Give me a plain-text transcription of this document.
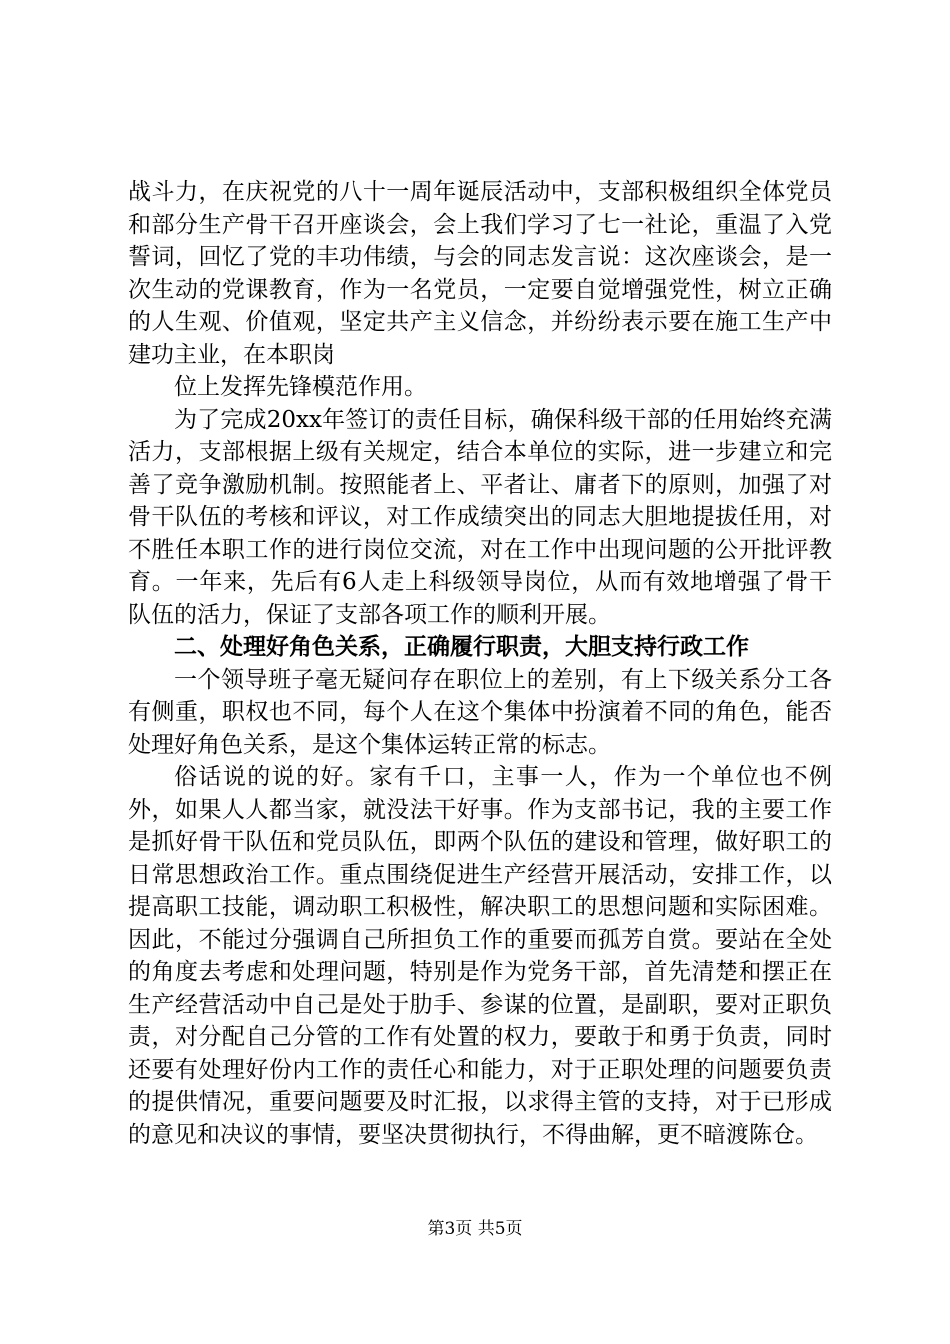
战斗力，在庆祝党的八十一周年诞辰活动中，支部积极组织全体党员和部分生产骨干召开座谈会，会上我们学习了七一社论，重温了入党誓词，回忆了党的丰功伟绩，与会的同志发言说：这次座谈会，是一次生动的党课教育，作为一名党员，一定要自觉增强党性，树立正确的人生观、价值观，坚定共产主义信念，并纷纷表示要在施工生产中建功主业，在本职岗

位上发挥先锋模范作用。

为了完成20xx年签订的责任目标，确保科级干部的任用始终充满活力，支部根据上级有关规定，结合本单位的实际，进一步建立和完善了竞争激励机制。按照能者上、平者让、庸者下的原则，加强了对骨干队伍的考核和评议，对工作成绩突出的同志大胆地提拔任用，对不胜任本职工作的进行岗位交流，对在工作中出现问题的公开批评教育。一年来，先后有6人走上科级领导岗位，从而有效地增强了骨干队伍的活力，保证了支部各项工作的顺利开展。

二、处理好角色关系，正确履行职责，大胆支持行政工作

一个领导班子毫无疑问存在职位上的差别，有上下级关系分工各有侧重，职权也不同，每个人在这个集体中扮演着不同的角色，能否处理好角色关系，是这个集体运转正常的标志。

俗话说的说的好。家有千口，主事一人，作为一个单位也不例外，如果人人都当家，就没法干好事。作为支部书记，我的主要工作是抓好骨干队伍和党员队伍，即两个队伍的建设和管理，做好职工的日常思想政治工作。重点围绕促进生产经营开展活动，安排工作，以提高职工技能，调动职工积极性，解决职工的思想问题和实际困难。因此，不能过分强调自己所担负工作的重要而孤芳自赏。要站在全处的角度去考虑和处理问题，特别是作为党务干部，首先清楚和摆正在生产经营活动中自己是处于肋手、参谋的位置，是副职，要对正职负责，对分配自己分管的工作有处置的权力，要敢于和勇于负责，同时还要有处理好份内工作的责任心和能力，对于正职处理的问题要负责的提供情况，重要问题要及时汇报，以求得主管的支持，对于已形成的意见和决议的事情，要坚决贯彻执行，不得曲解，更不暗渡陈仓。

第3页 共5页
